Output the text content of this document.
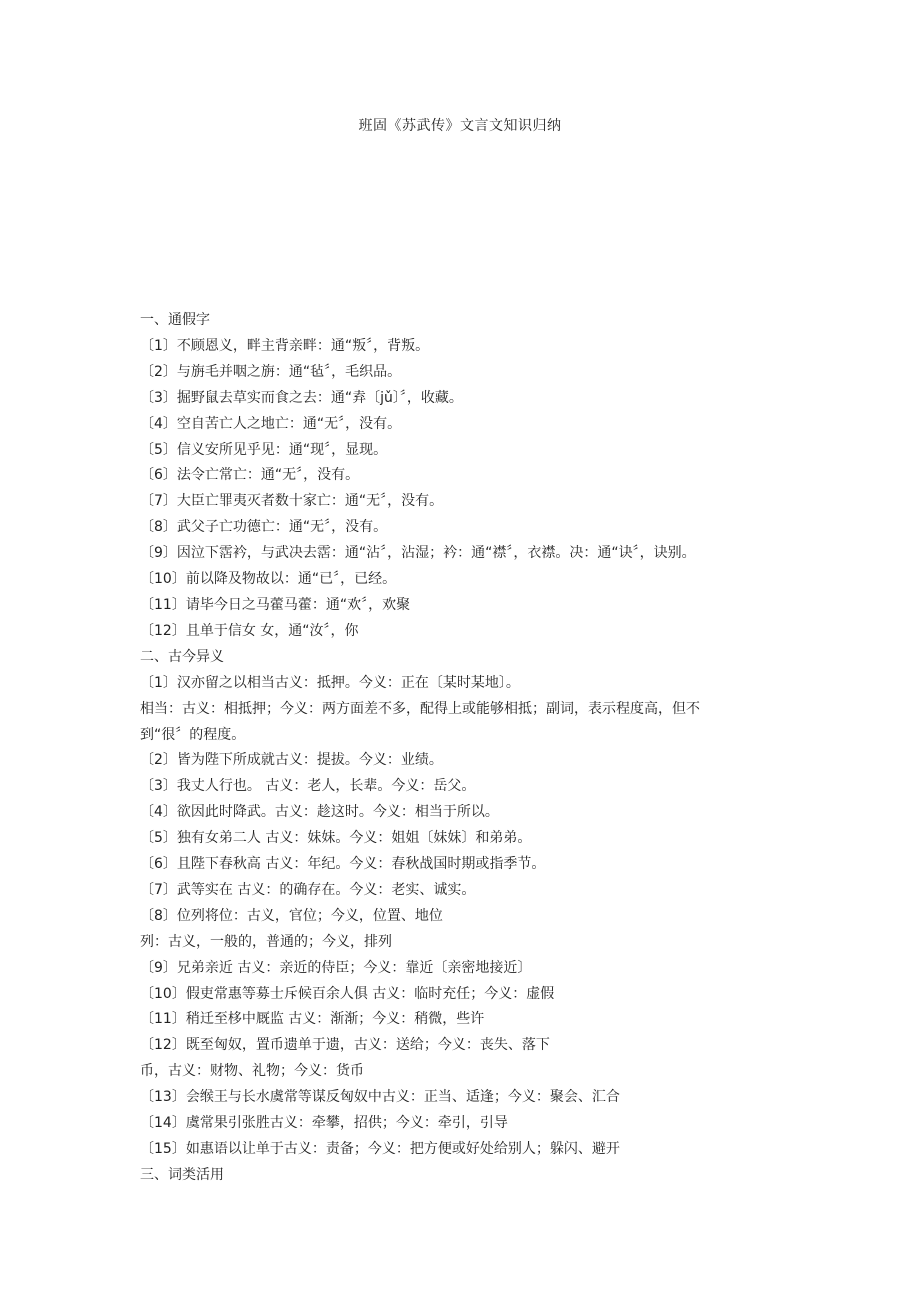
班固《苏武传》文言文知识归纳

一、通假字

〔1〕不顾恩义，畔主背亲畔：通“叛〞，背叛。

〔2〕与旃毛并咽之旃：通“毡〞，毛织品。

〔3〕掘野鼠去草实而食之去：通“弆〔jǔ〕〞，收藏。

〔4〕空自苦亡人之地亡：通“无〞，没有。

〔5〕信义安所见乎见：通“现〞，显现。

〔6〕法令亡常亡：通“无〞，没有。

〔7〕大臣亡罪夷灭者数十家亡：通“无〞，没有。

〔8〕武父子亡功德亡：通“无〞，没有。

〔9〕因泣下霑衿，与武决去霑：通“沾〞，沾湿；衿：通“襟〞，衣襟。决：通“诀〞，诀别。

〔10〕前以降及物故以：通“已〞，已经。

〔11〕请毕今日之马藿马藿：通“欢〞，欢聚

〔12〕且单于信女 女，通“汝〞，你

二、古今异义

〔1〕汉亦留之以相当古义：抵押。今义：正在〔某时某地〕。

相当：古义：相抵押；今义：两方面差不多，配得上或能够相抵；副词，表示程度高，但不

到“很〞的程度。

〔2〕皆为陛下所成就古义：提拔。今义：业绩。

〔3〕我丈人行也。 古义：老人，长辈。今义：岳父。

〔4〕欲因此时降武。古义：趁这时。今义：相当于所以。

〔5〕独有女弟二人 古义：妹妹。今义：姐姐〔妹妹〕和弟弟。

〔6〕且陛下春秋高 古义：年纪。今义：春秋战国时期或指季节。

〔7〕武等实在 古义：的确存在。今义：老实、诚实。

〔8〕位列将位：古义，官位；今义，位置、地位

列：古义，一般的，普通的；今义，排列

〔9〕兄弟亲近 古义：亲近的侍臣；今义：靠近〔亲密地接近〕

〔10〕假吏常惠等募士斥候百余人俱 古义：临时充任；今义：虚假

〔11〕稍迁至栘中厩监 古义：渐渐；今义：稍微，些许

〔12〕既至匈奴，置币遗单于遗，古义：送给；今义：丧失、落下

币，古义：财物、礼物；今义：货币

〔13〕会缑王与长水虞常等谋反匈奴中古义：正当、适逢；今义：聚会、汇合

〔14〕虞常果引张胜古义：牵攀，招供；今义：牵引，引导

〔15〕如惠语以让单于古义：责备；今义：把方便或好处给别人；躲闪、避开

三、词类活用
